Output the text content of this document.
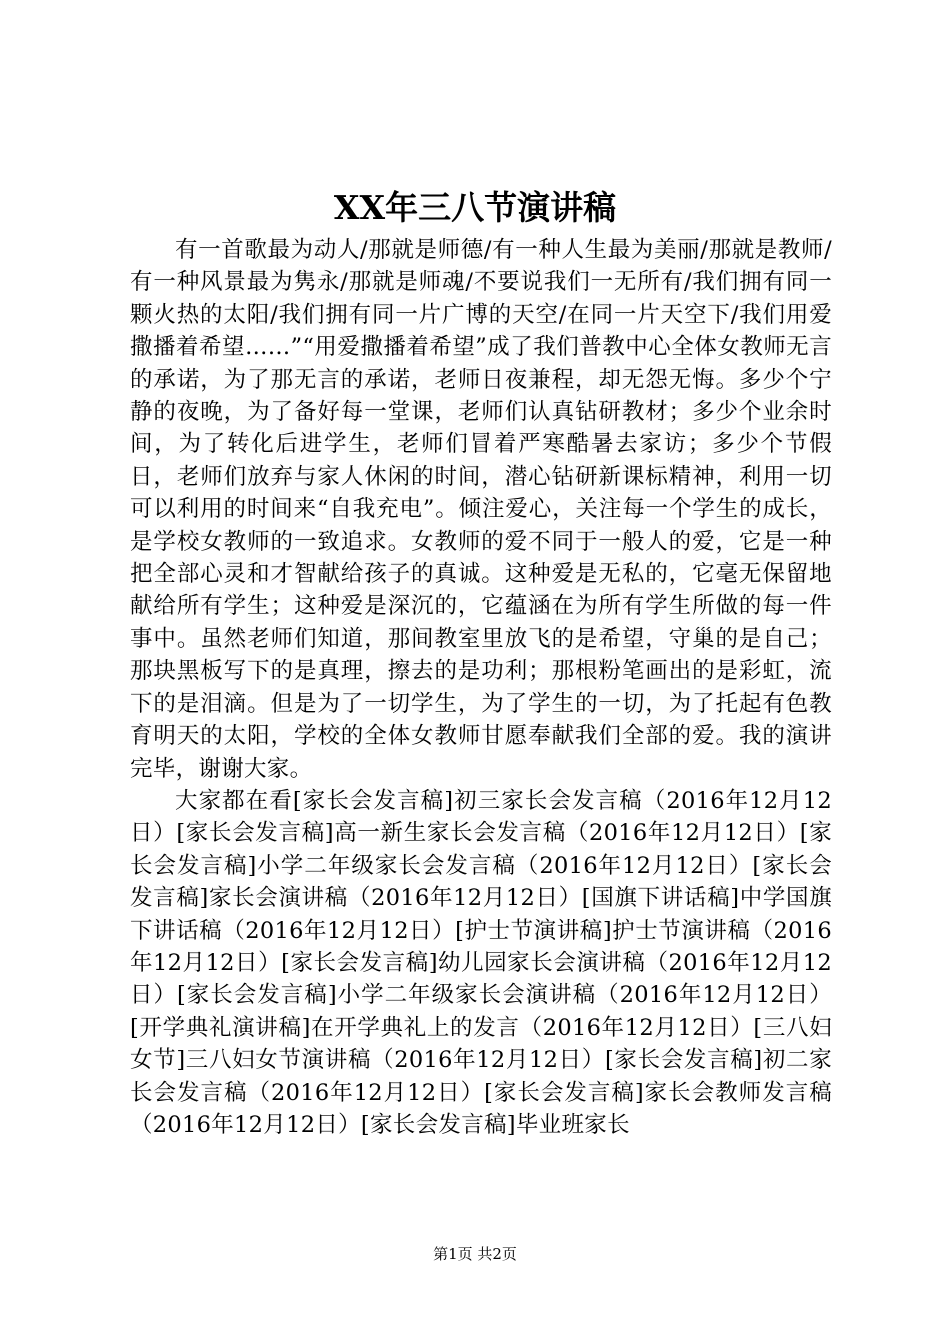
XX年三八节演讲稿

有一首歌最为动人/那就是师德/有一种人生最为美丽/那就是教师/有一种风景最为隽永/那就是师魂/不要说我们一无所有/我们拥有同一颗火热的太阳/我们拥有同一片广博的天空/在同一片天空下/我们用爱撒播着希望……”“用爱撒播着希望”成了我们普教中心全体女教师无言的承诺，为了那无言的承诺，老师日夜兼程，却无怨无悔。多少个宁静的夜晚，为了备好每一堂课，老师们认真钻研教材；多少个业余时间，为了转化后进学生，老师们冒着严寒酷暑去家访；多少个节假日，老师们放弃与家人休闲的时间，潜心钻研新课标精神，利用一切可以利用的时间来“自我充电”。倾注爱心，关注每一个学生的成长，是学校女教师的一致追求。女教师的爱不同于一般人的爱，它是一种把全部心灵和才智献给孩子的真诚。这种爱是无私的，它毫无保留地献给所有学生；这种爱是深沉的，它蕴涵在为所有学生所做的每一件事中。虽然老师们知道，那间教室里放飞的是希望，守巢的是自己；那块黑板写下的是真理，擦去的是功利；那根粉笔画出的是彩虹，流下的是泪滴。但是为了一切学生，为了学生的一切，为了托起有色教育明天的太阳，学校的全体女教师甘愿奉献我们全部的爱。我的演讲完毕，谢谢大家。

大家都在看[家长会发言稿]初三家长会发言稿（2016年12月12日）[家长会发言稿]高一新生家长会发言稿（2016年12月12日）[家长会发言稿]小学二年级家长会发言稿（2016年12月12日）[家长会发言稿]家长会演讲稿（2016年12月12日）[国旗下讲话稿]中学国旗下讲话稿（2016年12月12日）[护士节演讲稿]护士节演讲稿（2016年12月12日）[家长会发言稿]幼儿园家长会演讲稿（2016年12月12日）[家长会发言稿]小学二年级家长会演讲稿（2016年12月12日）[开学典礼演讲稿]在开学典礼上的发言（2016年12月12日）[三八妇女节]三八妇女节演讲稿（2016年12月12日）[家长会发言稿]初二家长会发言稿（2016年12月12日）[家长会发言稿]家长会教师发言稿（2016年12月12日）[家长会发言稿]毕业班家长

第1页 共2页
